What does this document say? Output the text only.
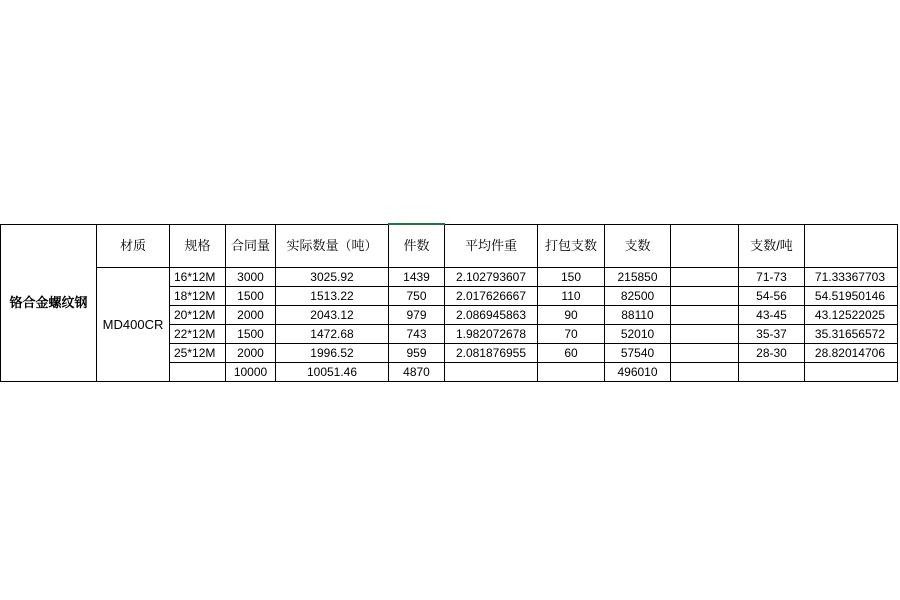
铬合金螺纹钢	材质	规格	合同量	实际数量（吨）	件数	平均件重	打包支数	支数		支数/吨	
	MD400CR	16*12M	3000	3025.92	1439	2.102793607	150	215850		71-73	71.33367703
		18*12M	1500	1513.22	750	2.017626667	110	82500		54-56	54.51950146
		20*12M	2000	2043.12	979	2.086945863	90	88110		43-45	43.12522025
		22*12M	1500	1472.68	743	1.982072678	70	52010		35-37	35.31656572
		25*12M	2000	1996.52	959	2.081876955	60	57540		28-30	28.82014706
			10000	10051.46	4870			496010			
